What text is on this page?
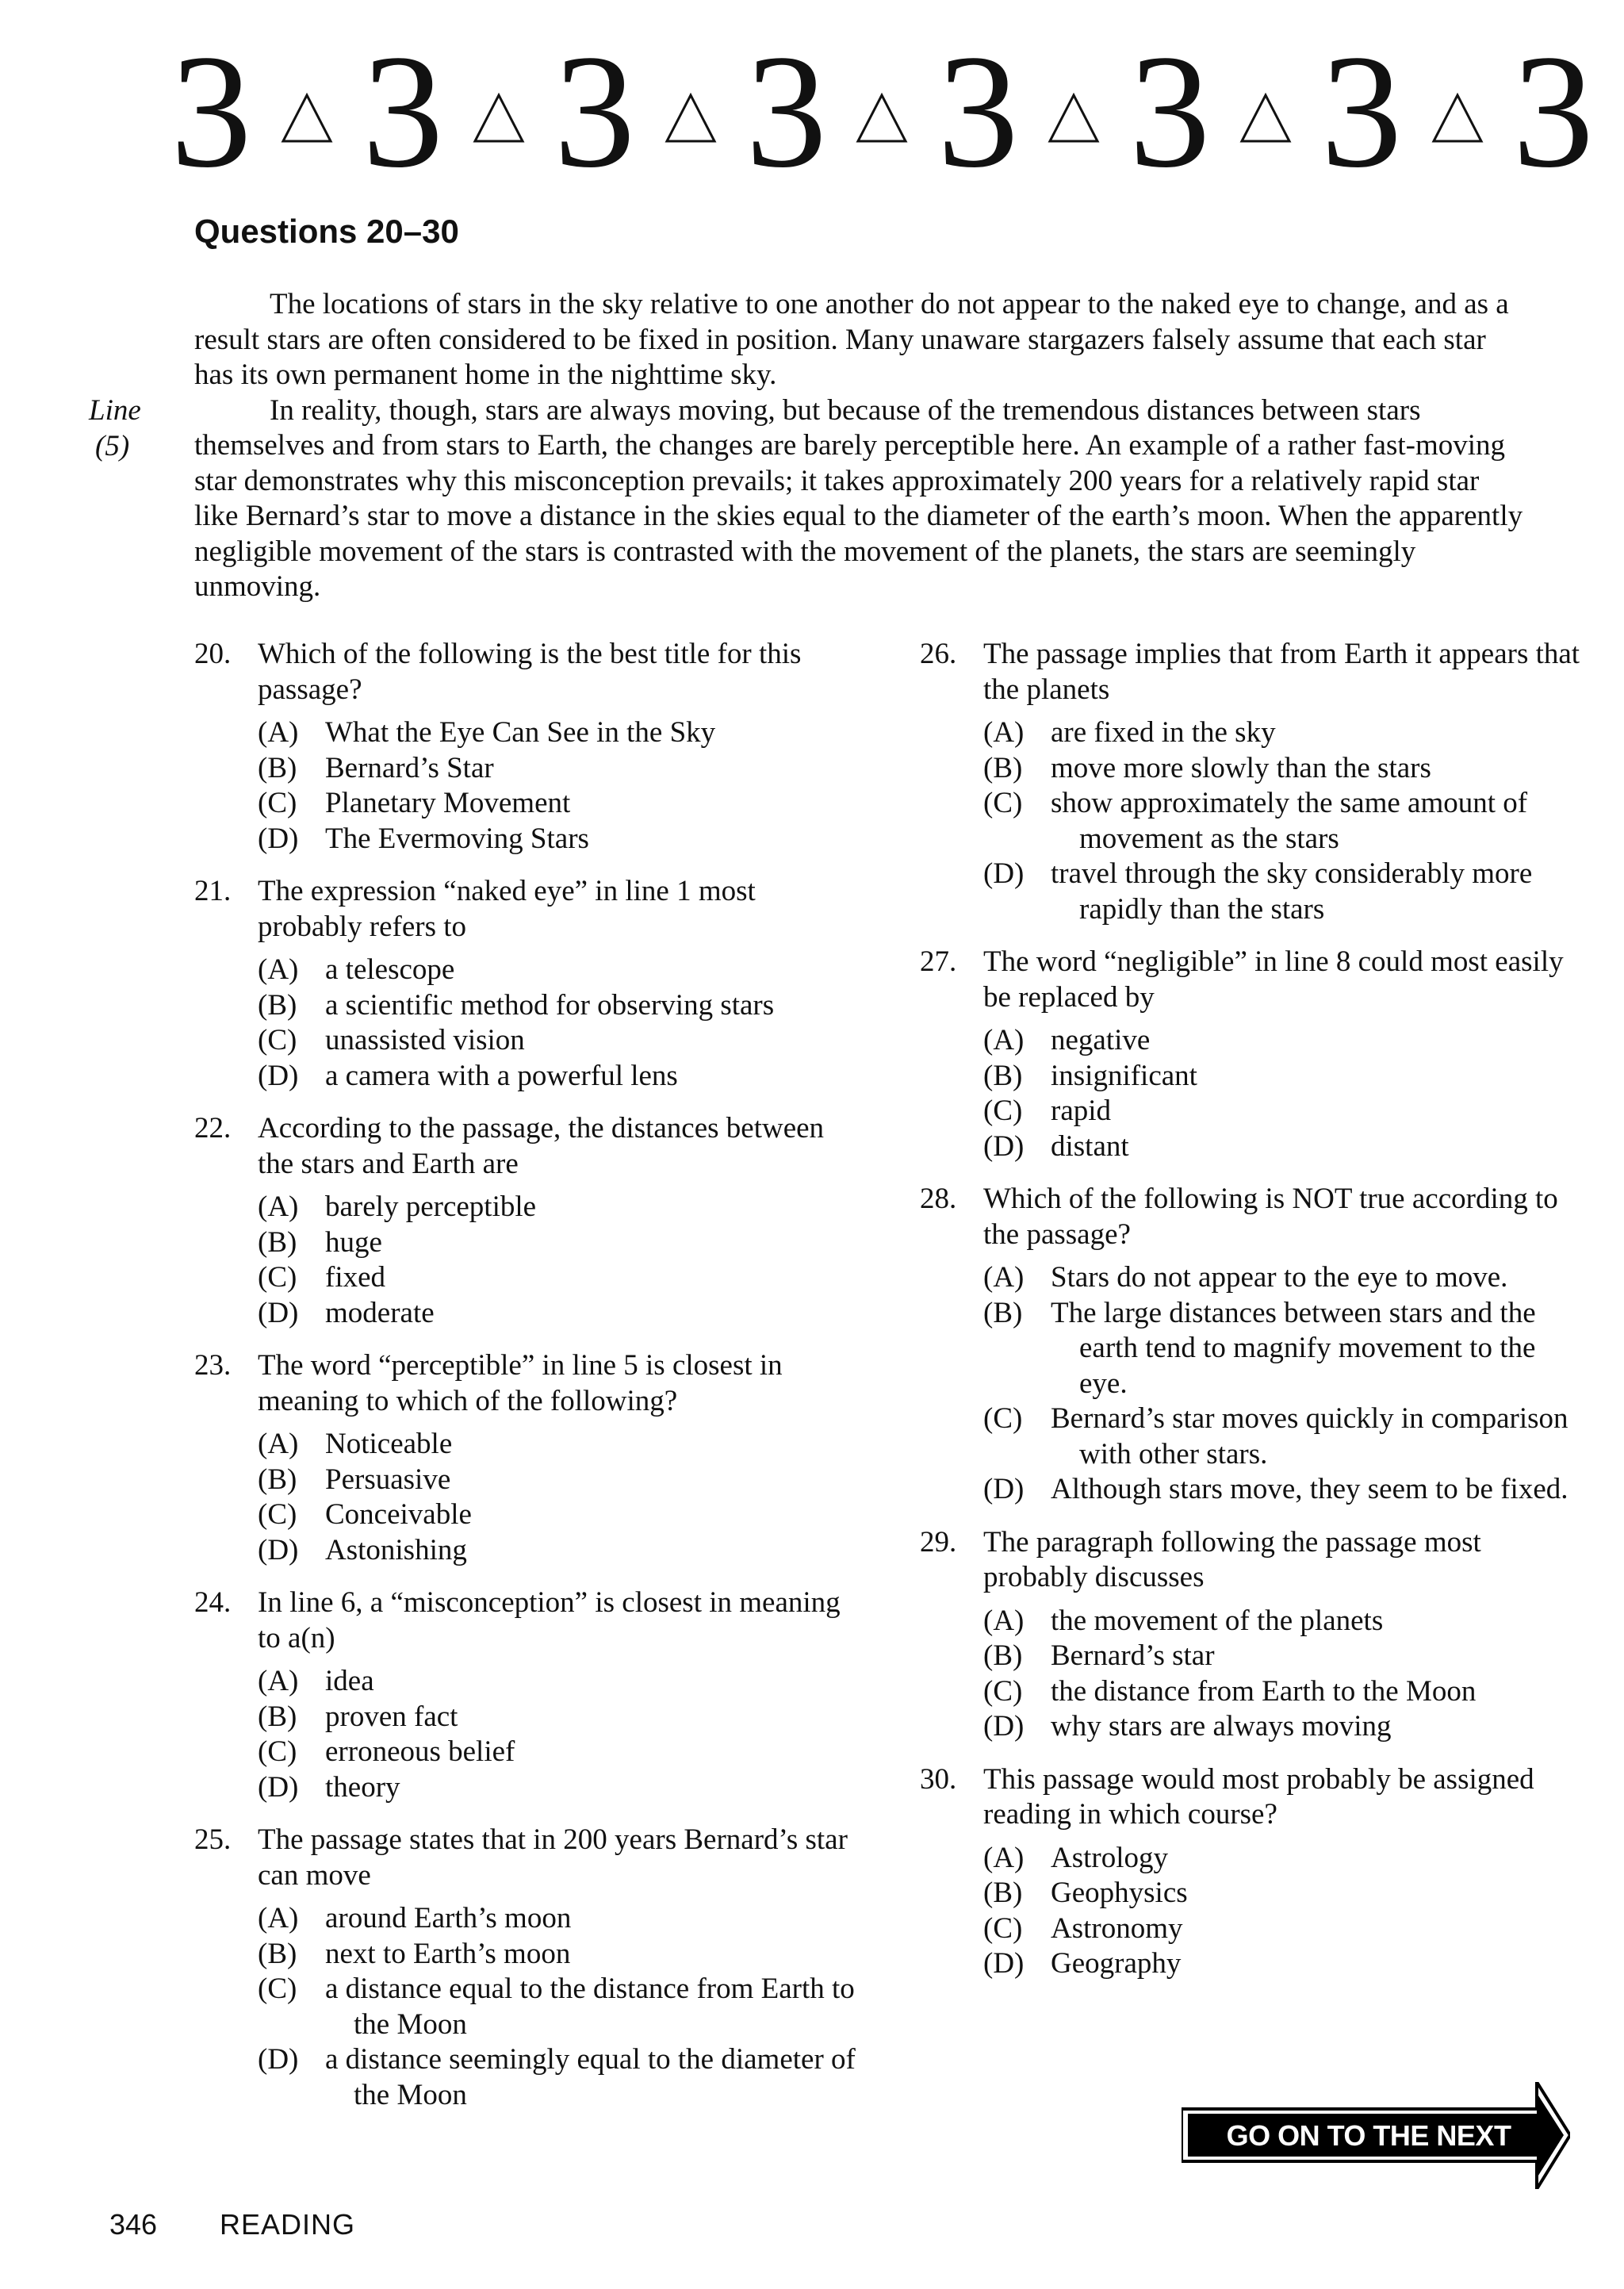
3 3 3 3 3 3 3 3
Questions 20–30
Line
(5)

The locations of stars in the sky relative to one another do not appear to the naked eye to change, and as a result stars are often considered to be fixed in position. Many unaware stargazers falsely assume that each star has its own permanent home in the nighttime sky.

In reality, though, stars are always moving, but because of the tremendous distances between stars themselves and from stars to Earth, the changes are barely perceptible here. An example of a rather fast-moving star demonstrates why this misconception prevails; it takes approximately 200 years for a relatively rapid star like Bernard’s star to move a distance in the skies equal to the diameter of the earth’s moon. When the apparently negligible movement of the stars is contrasted with the movement of the planets, the stars are seemingly unmoving.

20. Which of the following is the best title for this passage?
(A) What the Eye Can See in the Sky
(B) Bernard’s Star
(C) Planetary Movement
(D) The Evermoving Stars
21. The expression “naked eye” in line 1 most probably refers to
(A) a telescope
(B) a scientific method for observing stars
(C) unassisted vision
(D) a camera with a powerful lens
22. According to the passage, the distances between the stars and Earth are
(A) barely perceptible
(B) huge
(C) fixed
(D) moderate
23. The word “perceptible” in line 5 is closest in meaning to which of the following?
(A) Noticeable
(B) Persuasive
(C) Conceivable
(D) Astonishing
24. In line 6, a “misconception” is closest in meaning to a(n)
(A) idea
(B) proven fact
(C) erroneous belief
(D) theory
25. The passage states that in 200 years Bernard’s star can move
(A) around Earth’s moon
(B) next to Earth’s moon
(C) a distance equal to the distance from Earth to the Moon
(D) a distance seemingly equal to the diameter of the Moon
26. The passage implies that from Earth it appears that the planets
(A) are fixed in the sky
(B) move more slowly than the stars
(C) show approximately the same amount of movement as the stars
(D) travel through the sky considerably more rapidly than the stars
27. The word “negligible” in line 8 could most easily be replaced by
(A) negative
(B) insignificant
(C) rapid
(D) distant
28. Which of the following is NOT true according to the passage?
(A) Stars do not appear to the eye to move.
(B) The large distances between stars and the earth tend to magnify movement to the eye.
(C) Bernard’s star moves quickly in comparison with other stars.
(D) Although stars move, they seem to be fixed.
29. The paragraph following the passage most probably discusses
(A) the movement of the planets
(B) Bernard’s star
(C) the distance from Earth to the Moon
(D) why stars are always moving
30. This passage would most probably be assigned reading in which course?
(A) Astrology
(B) Geophysics
(C) Astronomy
(D) Geography
346 READING
GO ON TO THE NEXT PAGE
